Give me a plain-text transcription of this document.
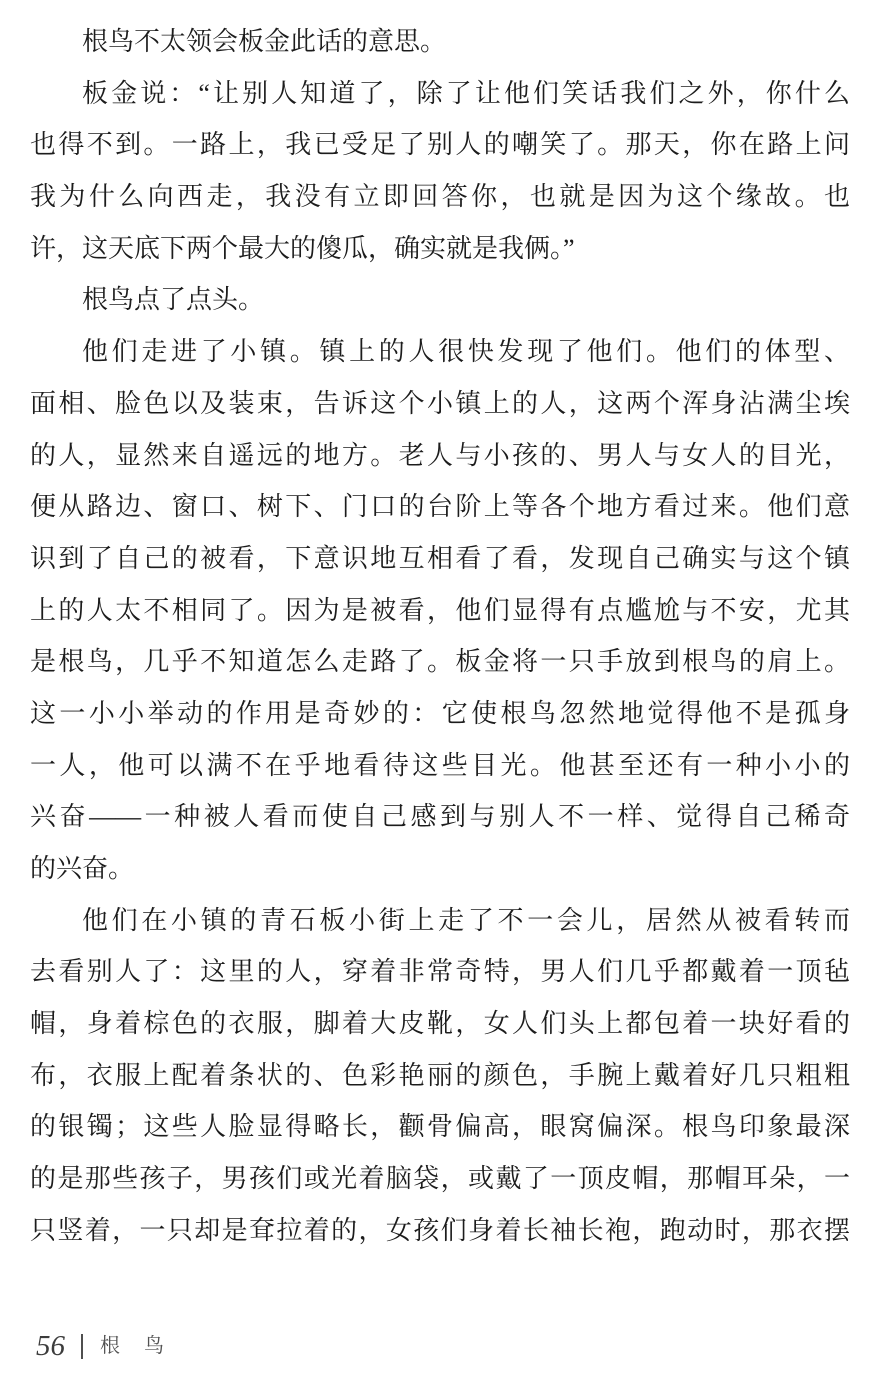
根鸟不太领会板金此话的意思。
板金说：“让别人知道了，除了让他们笑话我们之外，你什么
也得不到。一路上，我已受足了别人的嘲笑了。那天，你在路上问
我为什么向西走，我没有立即回答你，也就是因为这个缘故。也
许，这天底下两个最大的傻瓜，确实就是我俩。”
根鸟点了点头。
他们走进了小镇。镇上的人很快发现了他们。他们的体型、
面相、脸色以及装束，告诉这个小镇上的人，这两个浑身沾满尘埃
的人，显然来自遥远的地方。老人与小孩的、男人与女人的目光，
便从路边、窗口、树下、门口的台阶上等各个地方看过来。他们意
识到了自己的被看，下意识地互相看了看，发现自己确实与这个镇
上的人太不相同了。因为是被看，他们显得有点尴尬与不安，尤其
是根鸟，几乎不知道怎么走路了。板金将一只手放到根鸟的肩上。
这一小小举动的作用是奇妙的：它使根鸟忽然地觉得他不是孤身
一人，他可以满不在乎地看待这些目光。他甚至还有一种小小的
兴奋——一种被人看而使自己感到与别人不一样、觉得自己稀奇
的兴奋。
他们在小镇的青石板小街上走了不一会儿，居然从被看转而
去看别人了：这里的人，穿着非常奇特，男人们几乎都戴着一顶毡
帽，身着棕色的衣服，脚着大皮靴，女人们头上都包着一块好看的
布，衣服上配着条状的、色彩艳丽的颜色，手腕上戴着好几只粗粗
的银镯；这些人脸显得略长，颧骨偏高，眼窝偏深。根鸟印象最深
的是那些孩子，男孩们或光着脑袋，或戴了一顶皮帽，那帽耳朵，一
只竖着，一只却是耷拉着的，女孩们身着长袖长袍，跑动时，那衣摆
56 根鸟
